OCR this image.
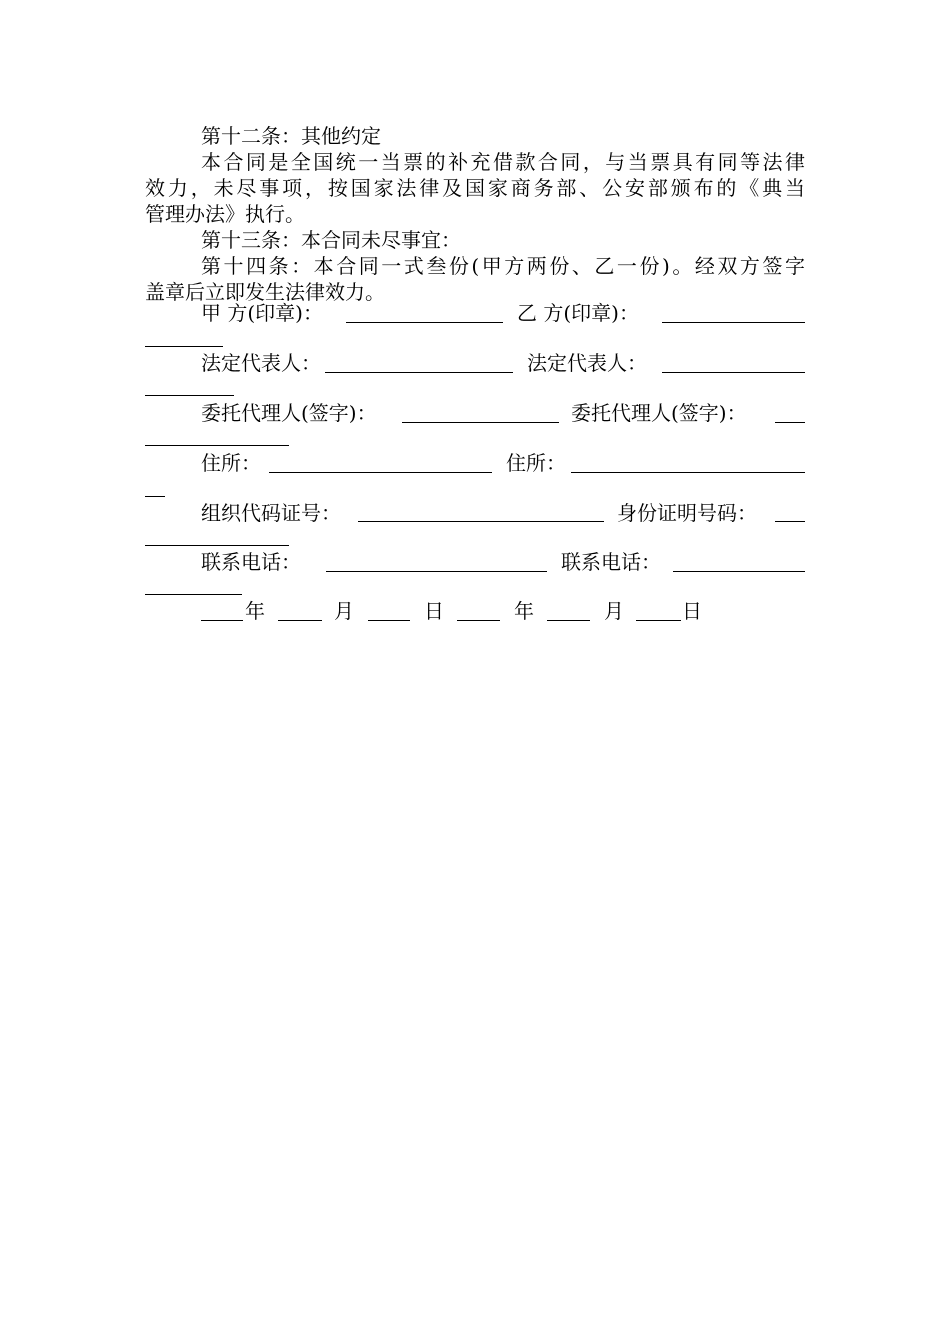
第十二条：其他约定
本合同是全国统一当票的补充借款合同，与当票具有同等法律
效力，未尽事项，按国家法律及国家商务部、公安部颁布的《典当
管理办法》执行。
第十三条：本合同未尽事宜：
第十四条：本合同一式叁份(甲方两份、乙一份)。经双方签字
盖章后立即发生法律效力。
甲 方(印章)：	乙 方(印章)：
法定代表人：	法定代表人：
委托代理人(签字)：	委托代理人(签字)：
住所：	住所：
组织代码证号：	身份证明号码：
联系电话：	联系电话：
年	月	日	年	月	日
